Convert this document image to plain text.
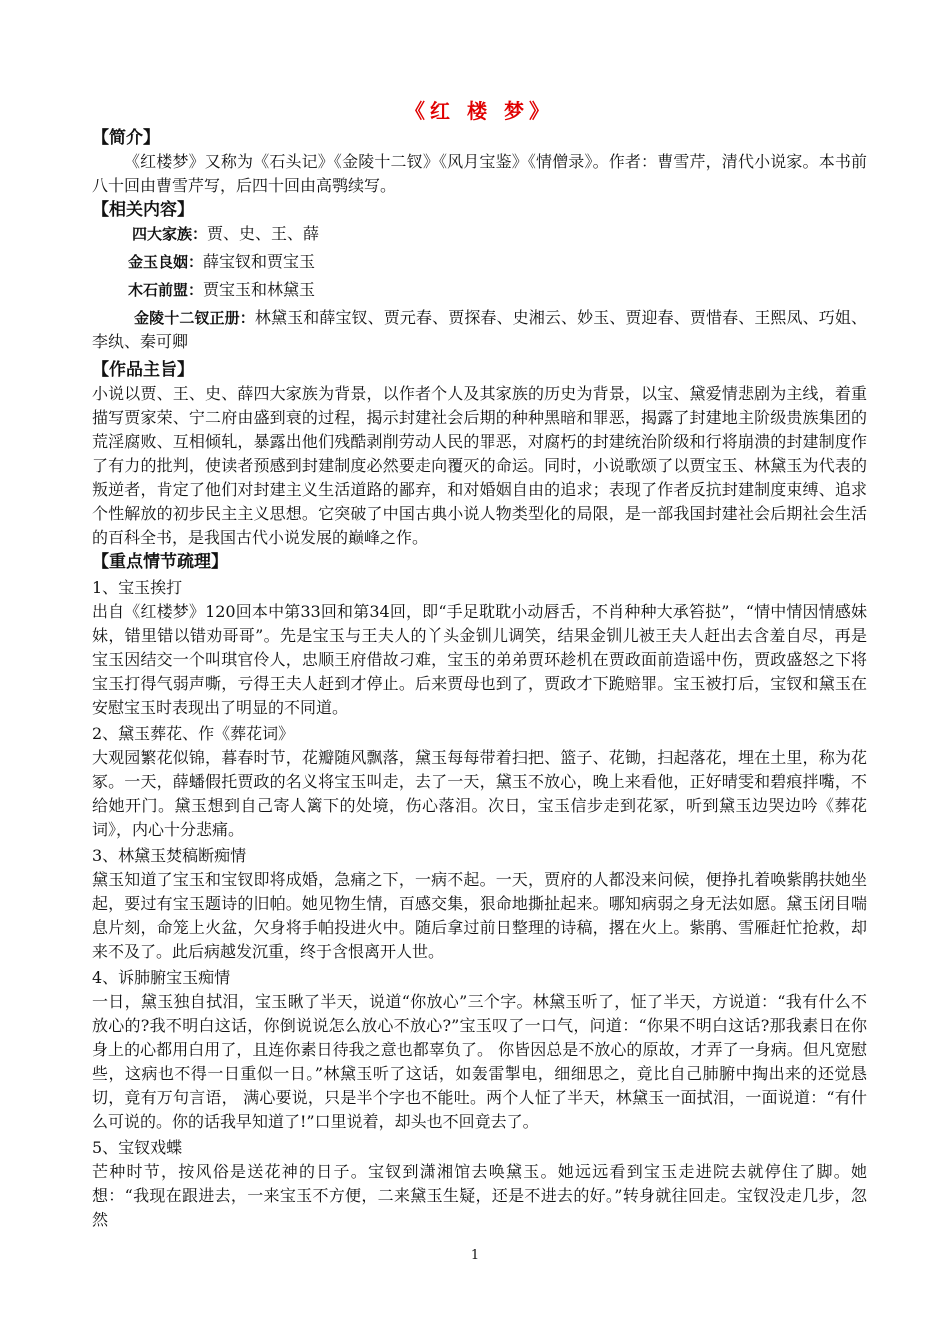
《红 楼 梦》
【简介】

《红楼梦》又称为《石头记》《金陵十二钗》《风月宝鉴》《情僧录》。作者：曹雪芹，清代小说家。本书前八十回由曹雪芹写，后四十回由高鹗续写。

【相关内容】

四大家族：贾、史、王、薛

金玉良姻：薛宝钗和贾宝玉

木石前盟：贾宝玉和林黛玉

金陵十二钗正册：林黛玉和薛宝钗、贾元春、贾探春、史湘云、妙玉、贾迎春、贾惜春、王熙凤、巧姐、李纨、秦可卿

【作品主旨】

小说以贾、王、史、薛四大家族为背景，以作者个人及其家族的历史为背景，以宝、黛爱情悲剧为主线，着重描写贾家荣、宁二府由盛到衰的过程，揭示封建社会后期的种种黑暗和罪恶，揭露了封建地主阶级贵族集团的荒淫腐败、互相倾轧，暴露出他们残酷剥削劳动人民的罪恶，对腐朽的封建统治阶级和行将崩溃的封建制度作了有力的批判，使读者预感到封建制度必然要走向覆灭的命运。同时，小说歌颂了以贾宝玉、林黛玉为代表的叛逆者，肯定了他们对封建主义生活道路的鄙弃，和对婚姻自由的追求；表现了作者反抗封建制度束缚、追求个性解放的初步民主主义思想。它突破了中国古典小说人物类型化的局限，是一部我国封建社会后期社会生活的百科全书，是我国古代小说发展的巅峰之作。

【重点情节疏理】

1、宝玉挨打

出自《红楼梦》120回本中第33回和第34回，即“手足耽耽小动唇舌，不肖种种大承笞挞”，“情中情因情感妹妹，错里错以错劝哥哥”。先是宝玉与王夫人的丫头金钏儿调笑，结果金钏儿被王夫人赶出去含羞自尽，再是宝玉因结交一个叫琪官伶人，忠顺王府借故刁难，宝玉的弟弟贾环趁机在贾政面前造谣中伤，贾政盛怒之下将宝玉打得气弱声嘶，亏得王夫人赶到才停止。后来贾母也到了，贾政才下跪赔罪。宝玉被打后，宝钗和黛玉在安慰宝玉时表现出了明显的不同道。

2、黛玉葬花、作《葬花词》

大观园繁花似锦，暮春时节，花瓣随风飘落，黛玉每每带着扫把、篮子、花锄，扫起落花，埋在土里，称为花冢。一天，薛蟠假托贾政的名义将宝玉叫走，去了一天，黛玉不放心，晚上来看他，正好晴雯和碧痕拌嘴，不给她开门。黛玉想到自己寄人篱下的处境，伤心落泪。次日，宝玉信步走到花冢，听到黛玉边哭边吟《葬花词》，内心十分悲痛。

3、林黛玉焚稿断痴情

黛玉知道了宝玉和宝钗即将成婚，急痛之下，一病不起。一天，贾府的人都没来问候，便挣扎着唤紫鹃扶她坐起，要过有宝玉题诗的旧帕。她见物生情，百感交集，狠命地撕扯起来。哪知病弱之身无法如愿。黛玉闭目喘息片刻，命笼上火盆，欠身将手帕投进火中。随后拿过前日整理的诗稿，撂在火上。紫鹃、雪雁赶忙抢救，却来不及了。此后病越发沉重，终于含恨离开人世。

4、诉肺腑宝玉痴情

一日，黛玉独自拭泪，宝玉瞅了半天，说道“你放心”三个字。林黛玉听了，怔了半天，方说道：“我有什么不放心的?我不明白这话，你倒说说怎么放心不放心?”宝玉叹了一口气，问道：“你果不明白这话?那我素日在你身上的心都用白用了，且连你素日待我之意也都辜负了。 你皆因总是不放心的原故，才弄了一身病。但凡宽慰些，这病也不得一日重似一日。”林黛玉听了这话，如轰雷掣电，细细思之，竟比自己肺腑中掏出来的还觉恳切，竟有万句言语， 满心要说，只是半个字也不能吐。两个人怔了半天，林黛玉一面拭泪，一面说道：“有什么可说的。你的话我早知道了!”口里说着，却头也不回竟去了。

5、宝钗戏蝶

芒种时节，按风俗是送花神的日子。宝钗到潇湘馆去唤黛玉。她远远看到宝玉走进院去就停住了脚。她想：“我现在跟进去，一来宝玉不方便，二来黛玉生疑，还是不进去的好。”转身就往回走。宝钗没走几步，忽然

1
